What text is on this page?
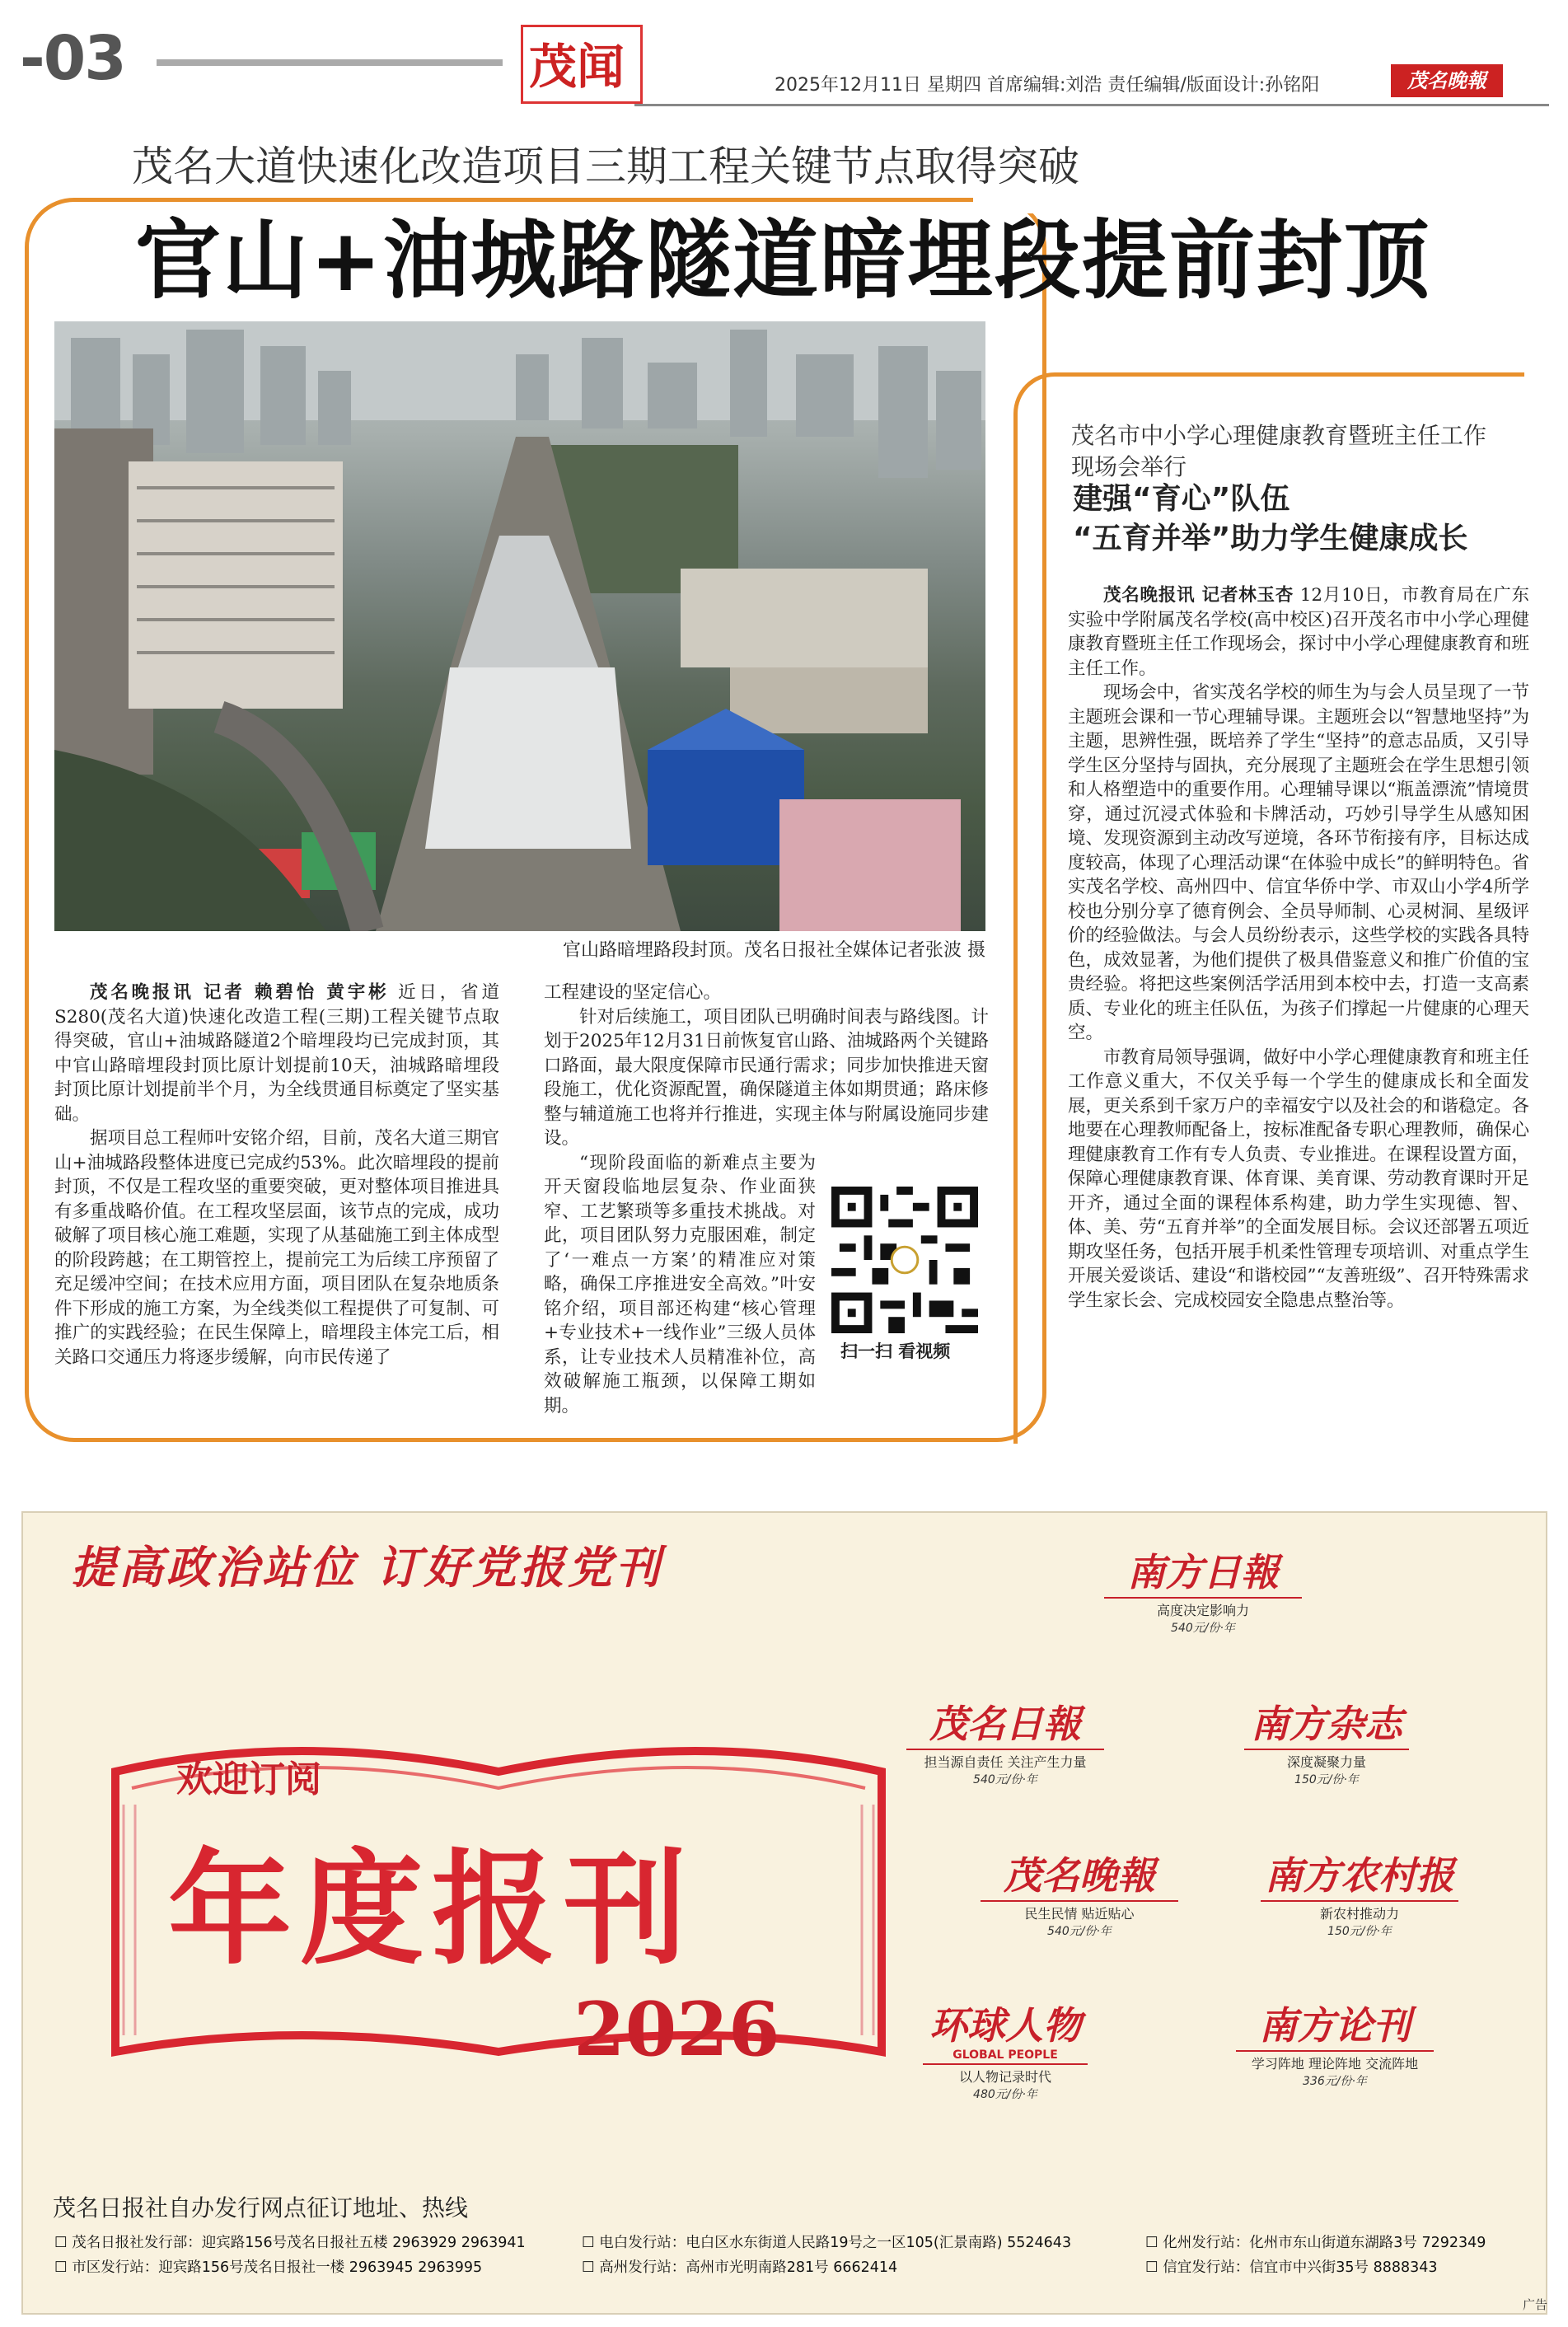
-03	茂闻	2025年12月11日 星期四 首席编辑:刘浩 责任编辑/版面设计:孙铭阳	茂名晚報
茂名大道快速化改造项目三期工程关键节点取得突破
官山+油城路隧道暗埋段提前封顶
官山路暗埋路段封顶。茂名日报社全媒体记者张波 摄

茂名晚报讯 记者 赖碧怡 黄宇彬 近日，省道S280(茂名大道)快速化改造工程(三期)工程关键节点取得突破，官山+油城路隧道2个暗埋段均已完成封顶，其中官山路暗埋段封顶比原计划提前10天，油城路暗埋段封顶比原计划提前半个月，为全线贯通目标奠定了坚实基础。

据项目总工程师叶安铭介绍，目前，茂名大道三期官山+油城路段整体进度已完成约53%。此次暗埋段的提前封顶，不仅是工程攻坚的重要突破，更对整体项目推进具有多重战略价值。在工程攻坚层面，该节点的完成，成功破解了项目核心施工难题，实现了从基础施工到主体成型的阶段跨越；在工期管控上，提前完工为后续工序预留了充足缓冲空间；在技术应用方面，项目团队在复杂地质条件下形成的施工方案，为全线类似工程提供了可复制、可推广的实践经验；在民生保障上，暗埋段主体完工后，相关路口交通压力将逐步缓解，向市民传递了

工程建设的坚定信心。

针对后续施工，项目团队已明确时间表与路线图。计划于2025年12月31日前恢复官山路、油城路两个关键路口路面，最大限度保障市民通行需求；同步加快推进天窗段施工，优化资源配置，确保隧道主体如期贯通；路床修整与辅道施工也将并行推进，实现主体与附属设施同步建设。

“现阶段面临的新难点主要为开天窗段临地层复杂、作业面狭窄、工艺繁琐等多重技术挑战。对此，项目团队努力克服困难，制定了‘一难点一方案’的精准应对策略，确保工序推进安全高效。”叶安铭介绍，项目部还构建“核心管理+专业技术+一线作业”三级人员体系，让专业技术人员精准补位，高效破解施工瓶颈，以保障工期如期。

扫一扫 看视频
茂名市中小学心理健康教育暨班主任工作现场会举行
建强“育心”队伍
“五育并举”助力学生健康成长

茂名晚报讯 记者林玉杏 12月10日，市教育局在广东实验中学附属茂名学校(高中校区)召开茂名市中小学心理健康教育暨班主任工作现场会，探讨中小学心理健康教育和班主任工作。

现场会中，省实茂名学校的师生为与会人员呈现了一节主题班会课和一节心理辅导课。主题班会以“智慧地坚持”为主题，思辨性强，既培养了学生“坚持”的意志品质，又引导学生区分坚持与固执，充分展现了主题班会在学生思想引领和人格塑造中的重要作用。心理辅导课以“瓶盖漂流”情境贯穿，通过沉浸式体验和卡牌活动，巧妙引导学生从感知困境、发现资源到主动改写逆境，各环节衔接有序，目标达成度较高，体现了心理活动课“在体验中成长”的鲜明特色。省实茂名学校、高州四中、信宜华侨中学、市双山小学4所学校也分别分享了德育例会、全员导师制、心灵树洞、星级评价的经验做法。与会人员纷纷表示，这些学校的实践各具特色，成效显著，为他们提供了极具借鉴意义和推广价值的宝贵经验。将把这些案例活学活用到本校中去，打造一支高素质、专业化的班主任队伍，为孩子们撑起一片健康的心理天空。

市教育局领导强调，做好中小学心理健康教育和班主任工作意义重大，不仅关乎每一个学生的健康成长和全面发展，更关系到千家万户的幸福安宁以及社会的和谐稳定。各地要在心理教师配备上，按标准配备专职心理教师，确保心理健康教育工作有专人负责、专业推进。在课程设置方面，保障心理健康教育课、体育课、美育课、劳动教育课时开足开齐，通过全面的课程体系构建，助力学生实现德、智、体、美、劳“五育并举”的全面发展目标。会议还部署五项近期攻坚任务，包括开展手机柔性管理专项培训、对重点学生开展关爱谈话、建设“和谐校园”“友善班级”、召开特殊需求学生家长会、完成校园安全隐患点整治等。

提高政治站位 订好党报党刊
欢迎订阅
年度报刊
2026
南方日報
高度决定影响力
540元/份·年
茂名日報
担当源自责任 关注产生力量
540元/份·年
南方杂志
深度凝聚力量
150元/份·年
茂名晚報
民生民情 贴近贴心
540元/份·年
南方农村报
新农村推动力
150元/份·年
环球人物
GLOBAL PEOPLE
以人物记录时代
480元/份·年
南方论刊
学习阵地 理论阵地 交流阵地
336元/份·年
茂名日报社自办发行网点征订地址、热线
☐ 茂名日报社发行部：迎宾路156号茂名日报社五楼 2963929 2963941
☐ 市区发行站：迎宾路156号茂名日报社一楼 2963945 2963995
☐ 电白发行站：电白区水东街道人民路19号之一区105(汇景南路) 5524643
☐ 高州发行站：高州市光明南路281号 6662414
☐ 化州发行站：化州市东山街道东湖路3号 7292349
☐ 信宜发行站：信宜市中兴街35号 8888343
广告
